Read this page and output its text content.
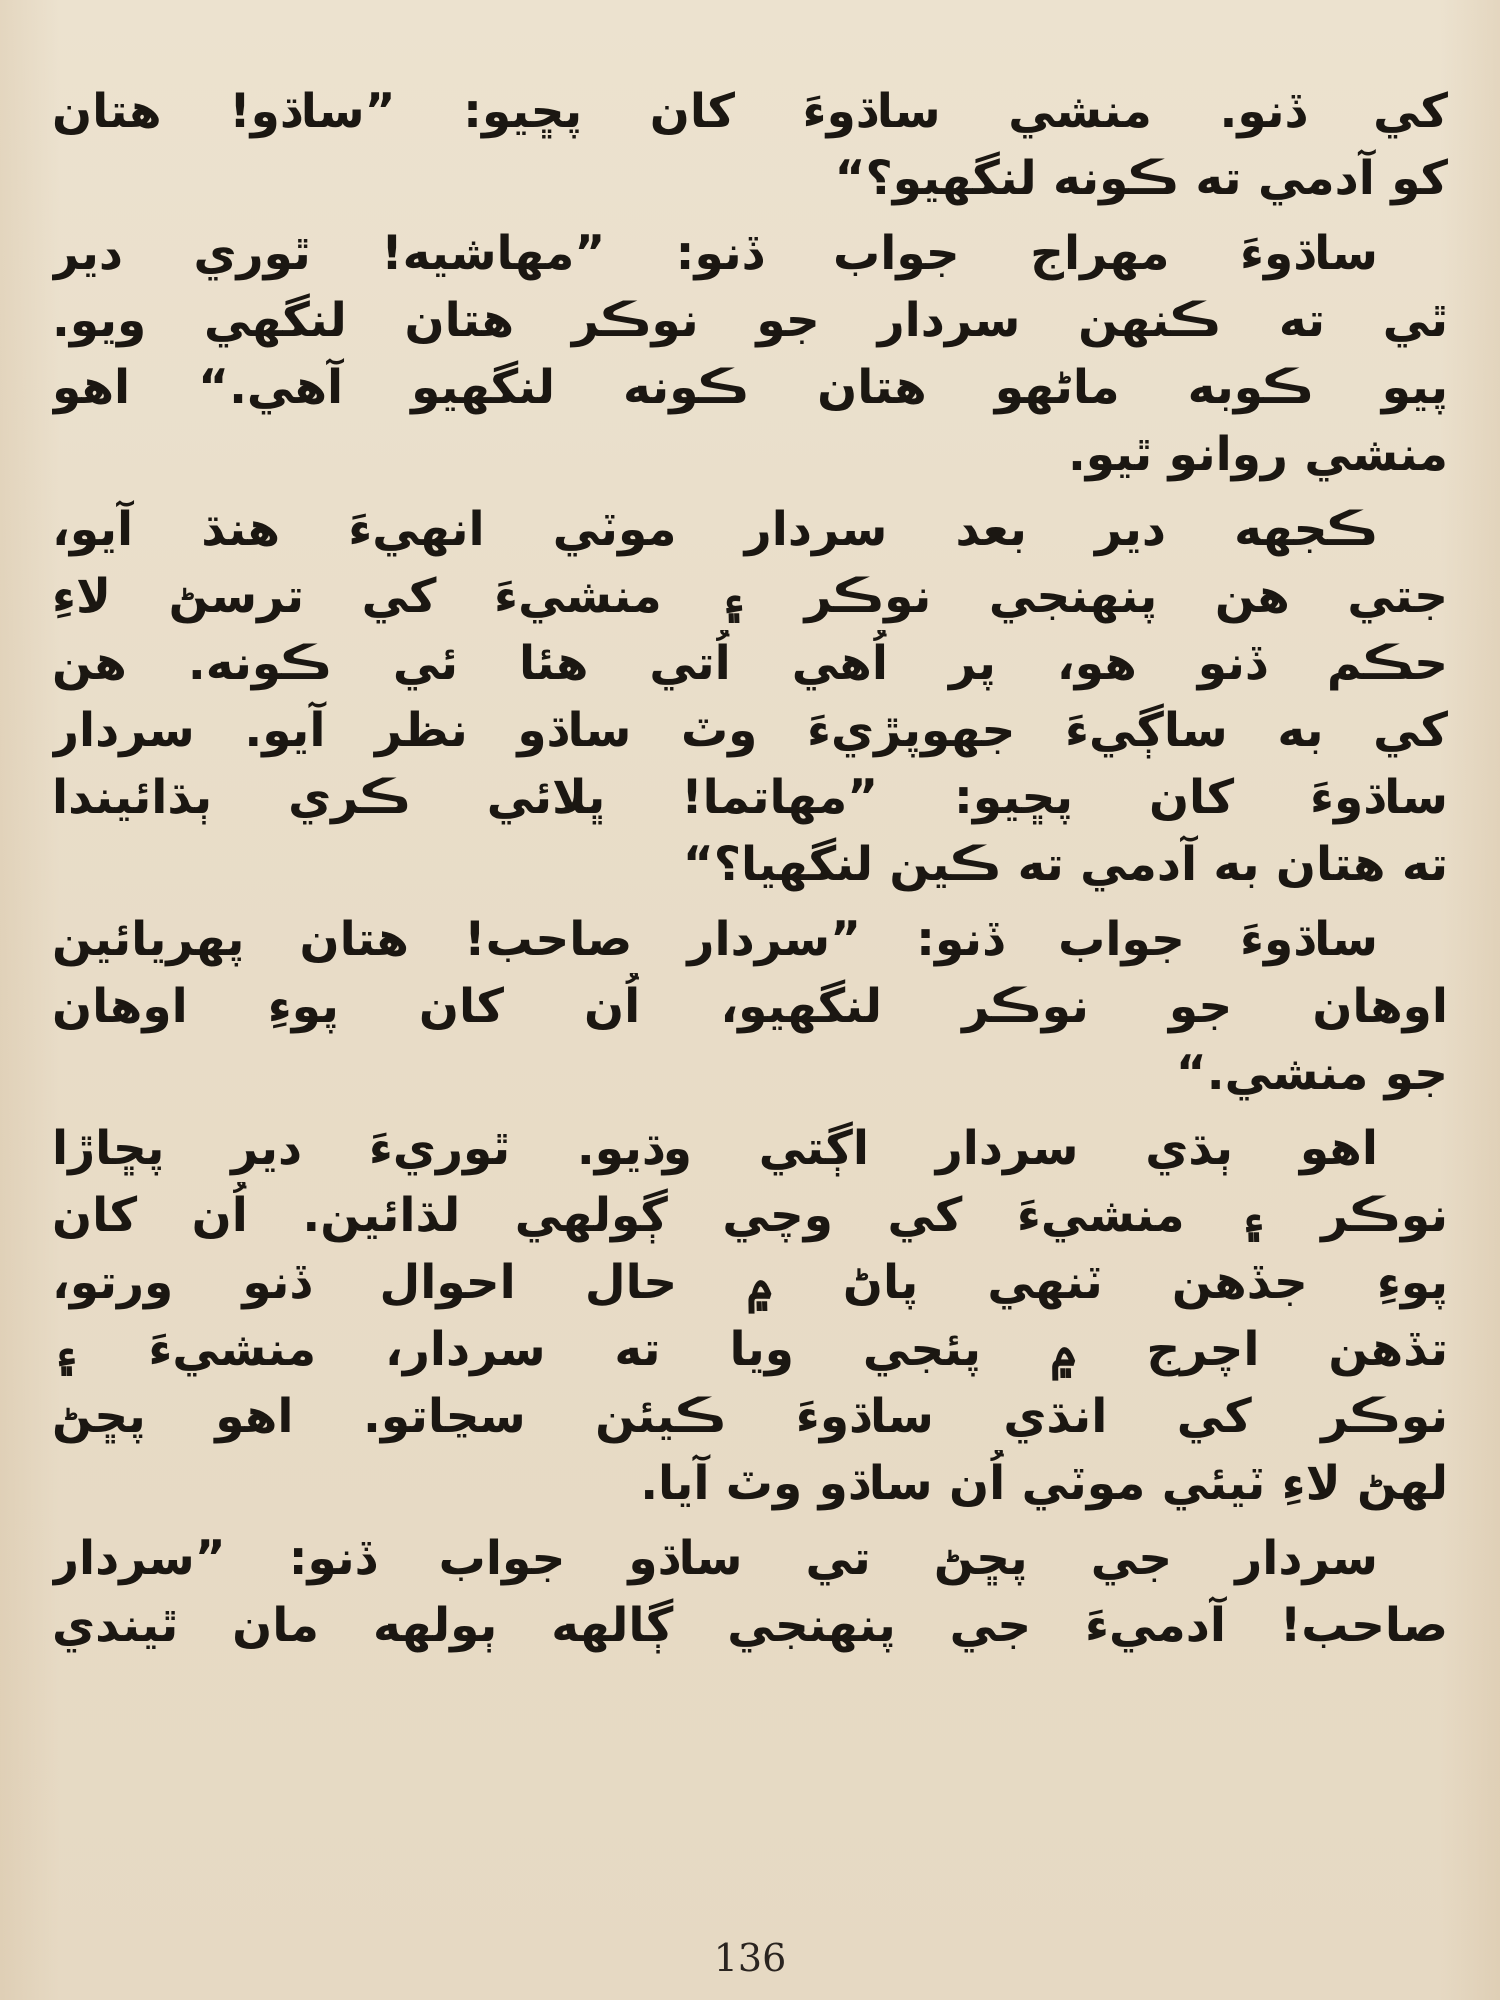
کي ڏنو. منشي ساڌوءَ کان پڇيو: ”ساڌو! هتان
کو آدمي ته ڪونه لنگهيو؟“
ساڌوءَ مهراج جواب ڏنو: ”مهاشيه! ٿوري دير
ٿي ته ڪنهن سردار جو نوڪر هتان لنگهي ويو.
پيو ڪوبه ماڻهو هتان ڪونه لنگهيو آهي.“ اهو
منشي روانو ٿيو.
ڪجهه دير بعد سردار موٽي انهيءَ هنڌ آيو،
جتي هن پنهنجي نوڪر ۽ منشيءَ کي ترسڻ لاءِ
حڪم ڏنو هو، پر اُهي اُتي هئا ئي ڪونه. هن
کي به ساڳيءَ جهوپڙيءَ وٽ ساڌو نظر آيو. سردار
ساڌوءَ کان پڇيو: ”مهاتما! ڀلائي ڪري ٻڌائيندا
ته هتان به آدمي ته ڪين لنگهيا؟“
ساڌوءَ جواب ڏنو: ”سردار صاحب! هتان پهريائين
اوهان جو نوڪر لنگهيو، اُن کان پوءِ اوهان
جو منشي.“
اهو ٻڌي سردار اڳتي وڌيو. ٿوريءَ دير پڇاڙا
نوڪر ۽ منشيءَ کي وچي ڳولهي لڌائين. اُن کان
پوءِ جڏهن ٽنهي پاڻ ۾ حال احوال ڏنو ورتو،
تڏهن اچرج ۾ پئجي ويا ته سردار، منشيءَ ۽
نوڪر کي انڌي ساڌوءَ ڪيئن سڃاتو. اهو پڇڻ
لهڻ لاءِ ٽيئي موٽي اُن ساڌو وٽ آيا.
سردار جي پڇڻ تي ساڌو جواب ڏنو: ”سردار
صاحب! آدميءَ جي پنهنجي ڳالهه ٻولهه مان ٿيندي
136
